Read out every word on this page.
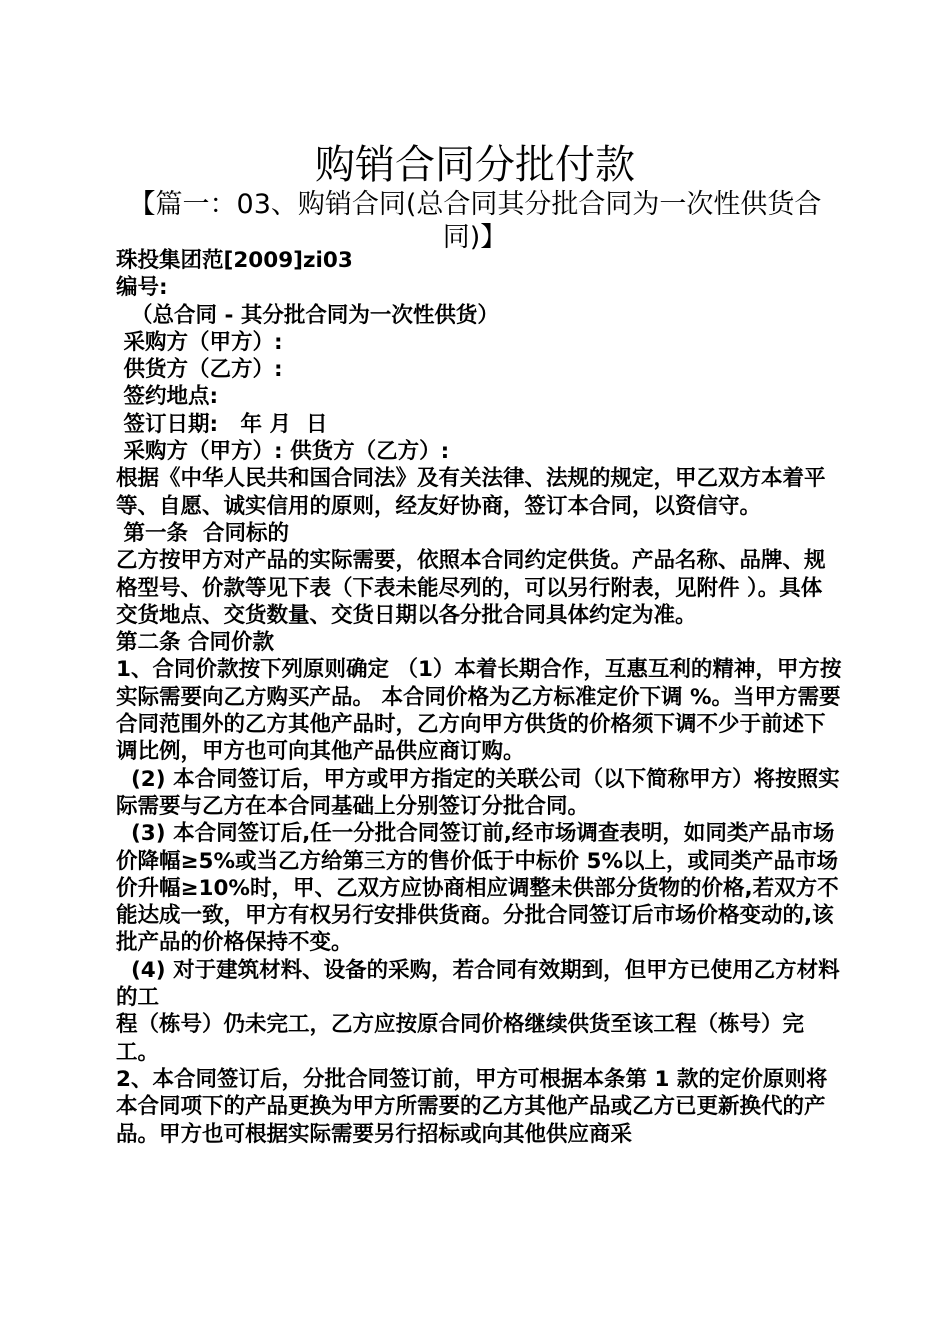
购销合同分批付款
【篇一：03、购销合同(总合同其分批合同为一次性供货合同)】

珠投集团范[2009]zi03

编号:

（总合同 - 其分批合同为一次性供货）

采购方（甲方）:

供货方（乙方）:

签约地点:

签订日期:   年 月  日

采购方（甲方）: 供货方（乙方）:

根据《中华人民共和国合同法》及有关法律、法规的规定，甲乙双方本着平等、自愿、诚实信用的原则，经友好协商，签订本合同，以资信守。

第一条  合同标的

乙方按甲方对产品的实际需要，依照本合同约定供货。产品名称、品牌、规格型号、价款等见下表（下表未能尽列的，可以另行附表，见附件 ）。具体交货地点、交货数量、交货日期以各分批合同具体约定为准。

第二条 合同价款

1、合同价款按下列原则确定 （1）本着长期合作，互惠互利的精神，甲方按实际需要向乙方购买产品。 本合同价格为乙方标准定价下调 %。当甲方需要合同范围外的乙方其他产品时，乙方向甲方供货的价格须下调不少于前述下调比例，甲方也可向其他产品供应商订购。

(2) 本合同签订后，甲方或甲方指定的关联公司（以下简称甲方）将按照实际需要与乙方在本合同基础上分别签订分批合同。

(3) 本合同签订后,任一分批合同签订前,经市场调查表明，如同类产品市场价降幅≥5%或当乙方给第三方的售价低于中标价 5%以上，或同类产品市场价升幅≥10%时，甲、乙双方应协商相应调整未供部分货物的价格,若双方不能达成一致，甲方有权另行安排供货商。分批合同签订后市场价格变动的,该批产品的价格保持不变。

(4) 对于建筑材料、设备的采购，若合同有效期到，但甲方已使用乙方材料的工

程（栋号）仍未完工，乙方应按原合同价格继续供货至该工程（栋号）完工。

2、本合同签订后，分批合同签订前，甲方可根据本条第 1 款的定价原则将本合同项下的产品更换为甲方所需要的乙方其他产品或乙方已更新换代的产品。甲方也可根据实际需要另行招标或向其他供应商采
